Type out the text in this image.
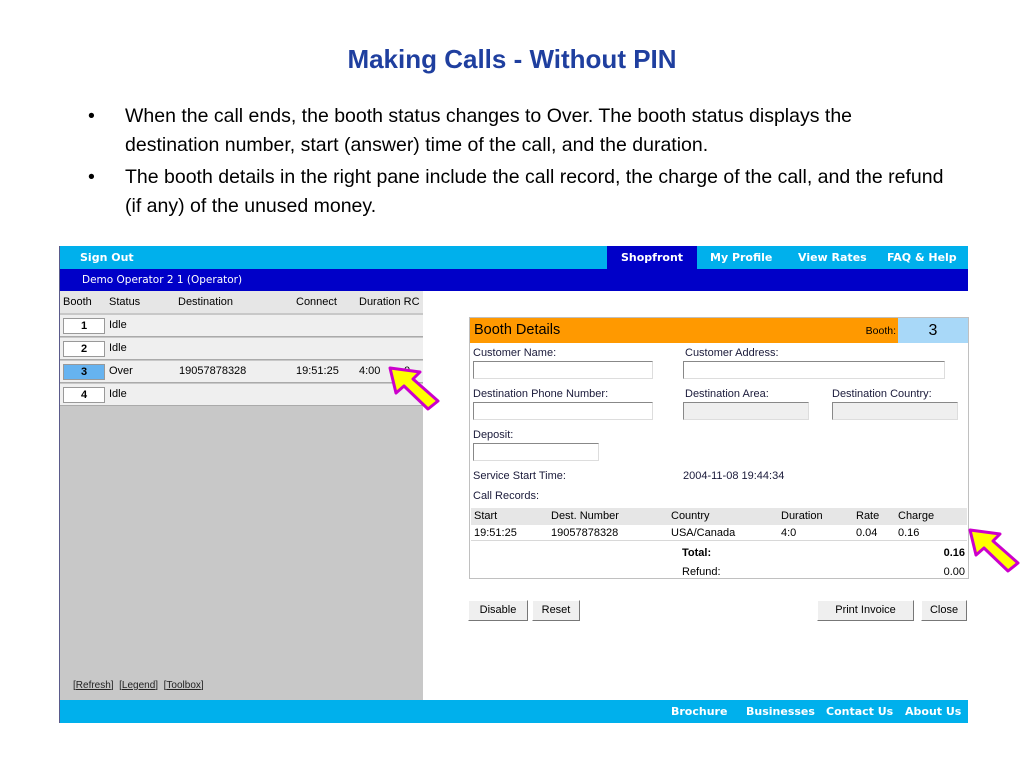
Making Calls - Without PIN
• When the call ends, the booth status changes to Over. The booth status displays the destination number, start (answer) time of the call, and the duration.
• The booth details in the right pane include the call record, the charge of the call, and the refund (if any) of the unused money.
Sign Out	Shopfront	My Profile View Rates FAQ & Help
Demo Operator 2 1 (Operator)
Booth Status	Destination	Connect Duration RC
1	Idle
2	Idle
3	Over	19057878328	19:51:25 4:00
4	Idle
[Refresh]  [Legend]  [Toolbox]
Booth Details	Booth:	3
Customer Name:	Customer Address:
Destination Phone Number:	Destination Area:	Destination Country:
Deposit:
Service Start Time:	2004-11-08 19:44:34
Call Records:
Start	Dest. Number	Country	Duration	Rate Charge
19:51:25	19057878328	USA/Canada	4:0	0.04 0.16
Total:	0.16
Refund:	0.00
Disable	Reset	Print Invoice	Close
Brochure Businesses Contact Us About Us
